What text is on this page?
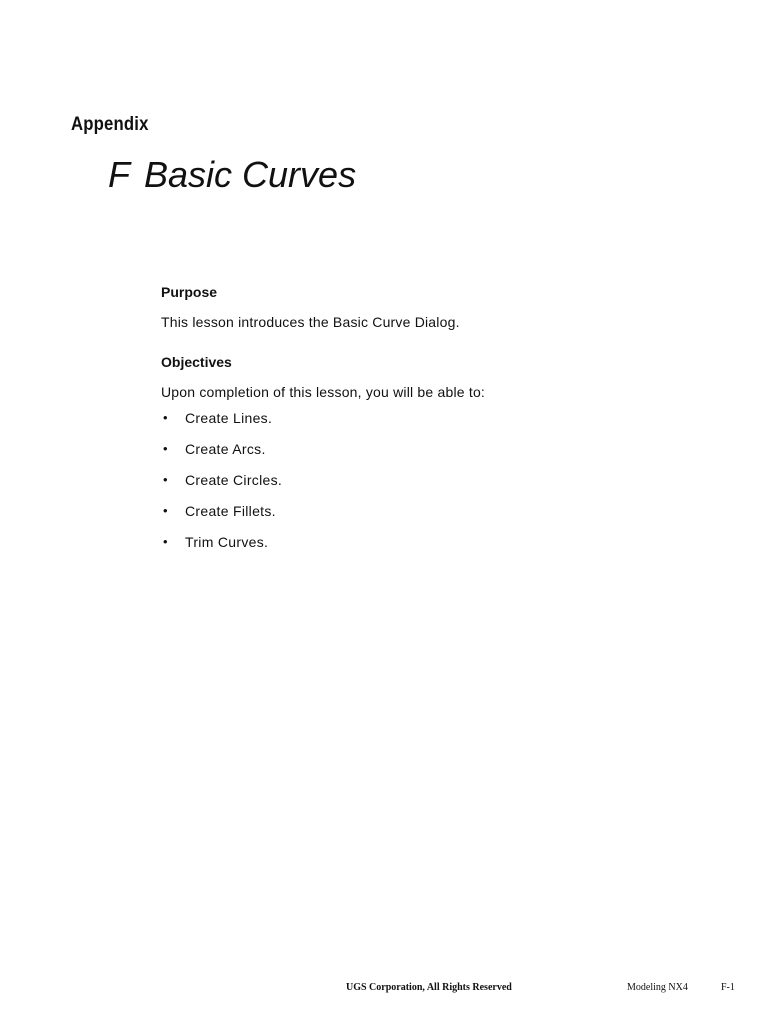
Appendix
F Basic Curves
Purpose

This lesson introduces the Basic Curve Dialog.

Objectives

Upon completion of this lesson, you will be able to:

• Create Lines.
• Create Arcs.
• Create Circles.
• Create Fillets.
• Trim Curves.
UGS Corporation, All Rights Reserved	Modeling NX4	F-1
